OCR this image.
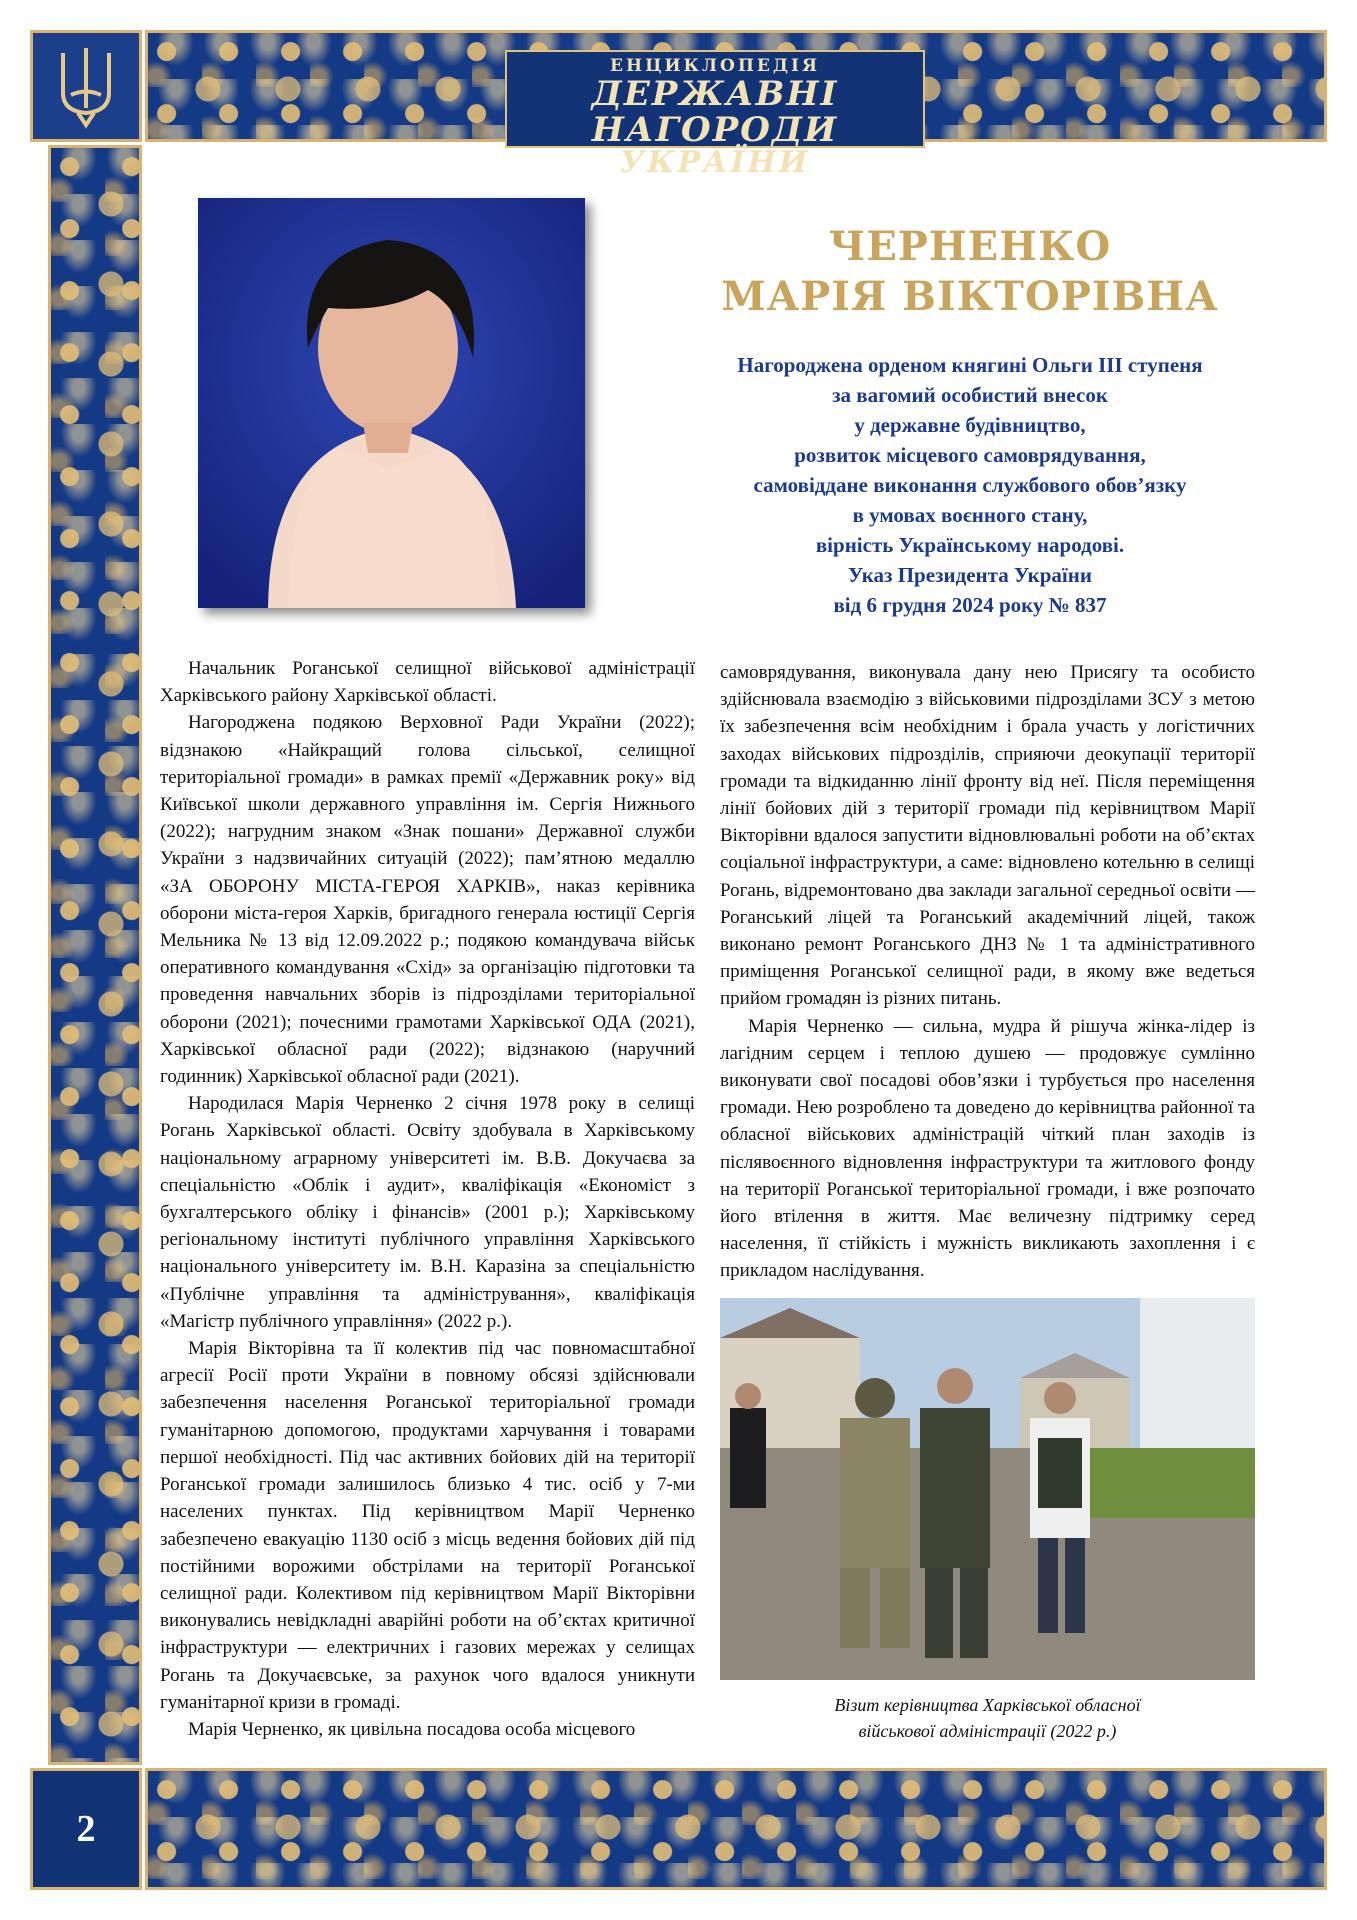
ЕНЦИКЛОПЕДІЯ
ДЕРЖАВНІ НАГОРОДИ
УКРАЇНИ
2
ЧЕРНЕНКО
МАРІЯ ВІКТОРІВНА
Нагороджена орденом княгині Ольги ІІІ ступеня
за вагомий особистий внесок
у державне будівництво,
розвиток місцевого самоврядування,
самовіддане виконання службового обов’язку
в умовах воєнного стану,
вірність Українському народові.
Указ Президента України
від 6 грудня 2024 року № 837

Начальник Роганської селищної військової адміністрації Харківського району Харківської області.

Нагороджена подякою Верховної Ради України (2022); відзнакою «Найкращий голова сільської, селищної територіальної громади» в рамках премії «Державник року» від Київської школи державного управління ім. Сергія Нижнього (2022); нагрудним знаком «Знак пошани» Державної служби України з надзвичайних ситуацій (2022); пам’ятною медаллю «ЗА ОБОРОНУ МІСТА-ГЕРОЯ ХАРКІВ», наказ керівника оборони міста-героя Харків, бригадного генерала юстиції Сергія Мельника № 13 від 12.09.2022 р.; подякою командувача військ оперативного командування «Схід» за організацію підготовки та проведення навчальних зборів із підрозділами територіальної оборони (2021); почесними грамотами Харківської ОДА (2021), Харківської обласної ради (2022); відзнакою (наручний годинник) Харківської обласної ради (2021).

Народилася Марія Черненко 2 січня 1978 року в селищі Рогань Харківської області. Освіту здобувала в Харківському національному аграрному університеті ім. В.В. Докучаєва за спеціальністю «Облік і аудит», кваліфікація «Економіст з бухгалтерського обліку і фінансів» (2001 р.); Харківському регіональному інституті публічного управління Харківського національного університету ім. В.Н. Каразіна за спеціальністю «Публічне управління та адміністрування», кваліфікація «Магістр публічного управління» (2022 р.).

Марія Вікторівна та її колектив під час повномасштабної агресії Росії проти України в повному обсязі здійснювали забезпечення населення Роганської територіальної громади гуманітарною допомогою, продуктами харчування і товарами першої необхідності. Під час активних бойових дій на території Роганської громади залишилось близько 4 тис. осіб у 7-ми населених пунктах. Під керівництвом Марії Черненко забезпечено евакуацію 1130 осіб з місць ведення бойових дій під постійними ворожими обстрілами на території Роганської селищної ради. Колективом під керівництвом Марії Вікторівни виконувались невідкладні аварійні роботи на об’єктах критичної інфраструктури — електричних і газових мережах у селищах Рогань та Докучаєвське, за рахунок чого вдалося уникнути гуманітарної кризи в громаді.

Марія Черненко, як цивільна посадова особа місцевого

самоврядування, виконувала дану нею Присягу та особисто здійснювала взаємодію з військовими підрозділами ЗСУ з метою їх забезпечення всім необхідним і брала участь у логістичних заходах військових підрозділів, сприяючи деокупації території громади та відкиданню лінії фронту від неї. Після переміщення лінії бойових дій з території громади під керівництвом Марії Вікторівни вдалося запустити відновлювальні роботи на об’єктах соціальної інфраструктури, а саме: відновлено котельню в селищі Рогань, відремонтовано два заклади загальної середньої освіти — Роганський ліцей та Роганський академічний ліцей, також виконано ремонт Роганського ДНЗ № 1 та адміністративного приміщення Роганської селищної ради, в якому вже ведеться прийом громадян із різних питань.

Марія Черненко — сильна, мудра й рішуча жінка-лідер із лагідним серцем і теплою душею — продовжує сумлінно виконувати свої посадові обов’язки і турбується про населення громади. Нею розроблено та доведено до керівництва районної та обласної військових адміністрацій чіткий план заходів із післявоєнного відновлення інфраструктури та житлового фонду на території Роганської територіальної громади, і вже розпочато його втілення в життя. Має величезну підтримку серед населення, її стійкість і мужність викликають захоплення і є прикладом наслідування.

Візит керівництва Харківської обласної
військової адміністрації (2022 р.)
